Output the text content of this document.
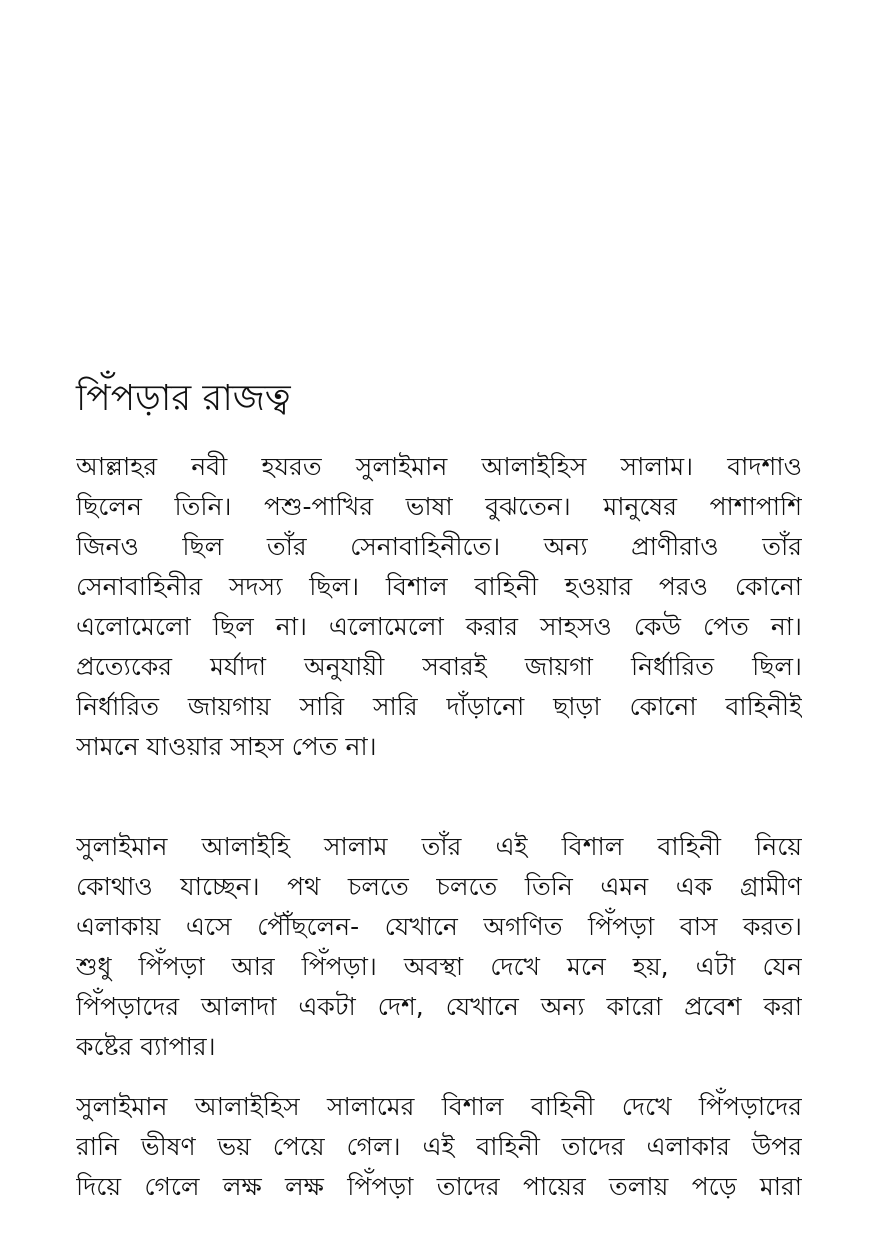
পিঁপড়ার রাজত্ব
আল্লাহর নবী হযরত সুলাইমান আলাইহিস সালাম। বাদশাও
ছিলেন তিনি। পশু-পাখির ভাষা বুঝতেন। মানুষের পাশাপাশি
জিনও ছিল তাঁর সেনাবাহিনীতে। অন্য প্রাণীরাও তাঁর
সেনাবাহিনীর সদস্য ছিল। বিশাল বাহিনী হওয়ার পরও কোনো
এলোমেলো ছিল না। এলোমেলো করার সাহসও কেউ পেত না।
প্রত্যেকের মর্যাদা অনুযায়ী সবারই জায়গা নির্ধারিত ছিল।
নির্ধারিত জায়গায় সারি সারি দাঁড়ানো ছাড়া কোনো বাহিনীই
সামনে যাওয়ার সাহস পেত না।
সুলাইমান আলাইহি সালাম তাঁর এই বিশাল বাহিনী নিয়ে
কোথাও যাচ্ছেন। পথ চলতে চলতে তিনি এমন এক গ্রামীণ
এলাকায় এসে পৌঁছলেন- যেখানে অগণিত পিঁপড়া বাস করত।
শুধু পিঁপড়া আর পিঁপড়া। অবস্থা দেখে মনে হয়, এটা যেন
পিঁপড়াদের আলাদা একটা দেশ, যেখানে অন্য কারো প্রবেশ করা
কষ্টের ব্যাপার।
সুলাইমান আলাইহিস সালামের বিশাল বাহিনী দেখে পিঁপড়াদের
রানি ভীষণ ভয় পেয়ে গেল। এই বাহিনী তাদের এলাকার উপর
দিয়ে গেলে লক্ষ লক্ষ পিঁপড়া তাদের পায়ের তলায় পড়ে মারা
